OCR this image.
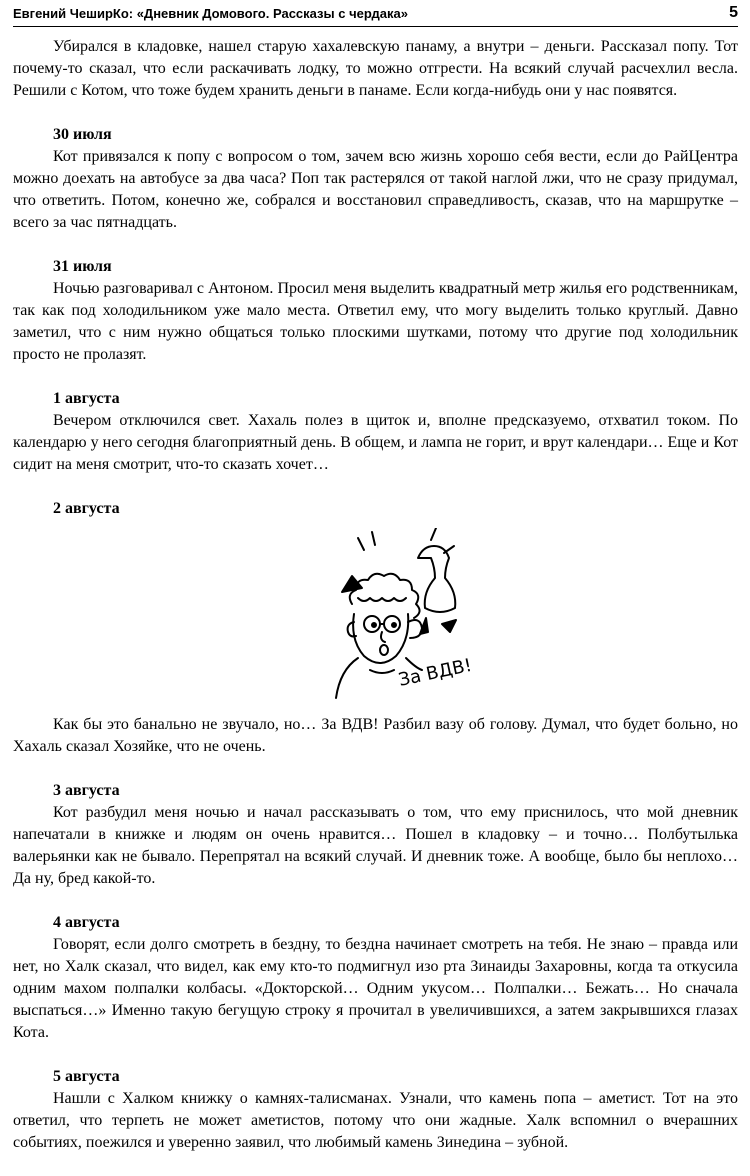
Евгений ЧеширКо: «Дневник Домового. Рассказы с чердака»	5

Убирался в кладовке, нашел старую хахалевскую панаму, а внутри – деньги. Рассказал попу. Тот почему-то сказал, что если раскачивать лодку, то можно отгрести. На всякий случай расчехлил весла. Решили с Котом, что тоже будем хранить деньги в панаме. Если когда-нибудь они у нас появятся.

30 июля

Кот привязался к попу с вопросом о том, зачем всю жизнь хорошо себя вести, если до РайЦентра можно доехать на автобусе за два часа? Поп так растерялся от такой наглой лжи, что не сразу придумал, что ответить. Потом, конечно же, собрался и восстановил справедливость, сказав, что на маршрутке – всего за час пятнадцать.

31 июля

Ночью разговаривал с Антоном. Просил меня выделить квадратный метр жилья его родственникам, так как под холодильником уже мало места. Ответил ему, что могу выделить только круглый. Давно заметил, что с ним нужно общаться только плоскими шутками, потому что другие под холодильник просто не пролазят.

1 августа

Вечером отключился свет. Хахаль полез в щиток и, вполне предсказуемо, отхватил током. По календарю у него сегодня благоприятный день. В общем, и лампа не горит, и врут календари… Еще и Кот сидит на меня смотрит, что-то сказать хочет…

2 августа
За ВДВ!

Как бы это банально не звучало, но… За ВДВ! Разбил вазу об голову. Думал, что будет больно, но Хахаль сказал Хозяйке, что не очень.

3 августа

Кот разбудил меня ночью и начал рассказывать о том, что ему приснилось, что мой дневник напечатали в книжке и людям он очень нравится… Пошел в кладовку – и точно… Полбутылька валерьянки как не бывало. Перепрятал на всякий случай. И дневник тоже. А вообще, было бы неплохо… Да ну, бред какой-то.

4 августа

Говорят, если долго смотреть в бездну, то бездна начинает смотреть на тебя. Не знаю – правда или нет, но Халк сказал, что видел, как ему кто-то подмигнул изо рта Зинаиды Захаровны, когда та откусила одним махом полпалки колбасы. «Докторской… Одним укусом… Полпалки… Бежать… Но сначала выспаться…» Именно такую бегущую строку я прочитал в увеличившихся, а затем закрывшихся глазах Кота.

5 августа

Нашли с Халком книжку о камнях-талисманах. Узнали, что камень попа – аметист. Тот на это ответил, что терпеть не может аметистов, потому что они жадные. Халк вспомнил о вчерашних событиях, поежился и уверенно заявил, что любимый камень Зинедина – зубной.
